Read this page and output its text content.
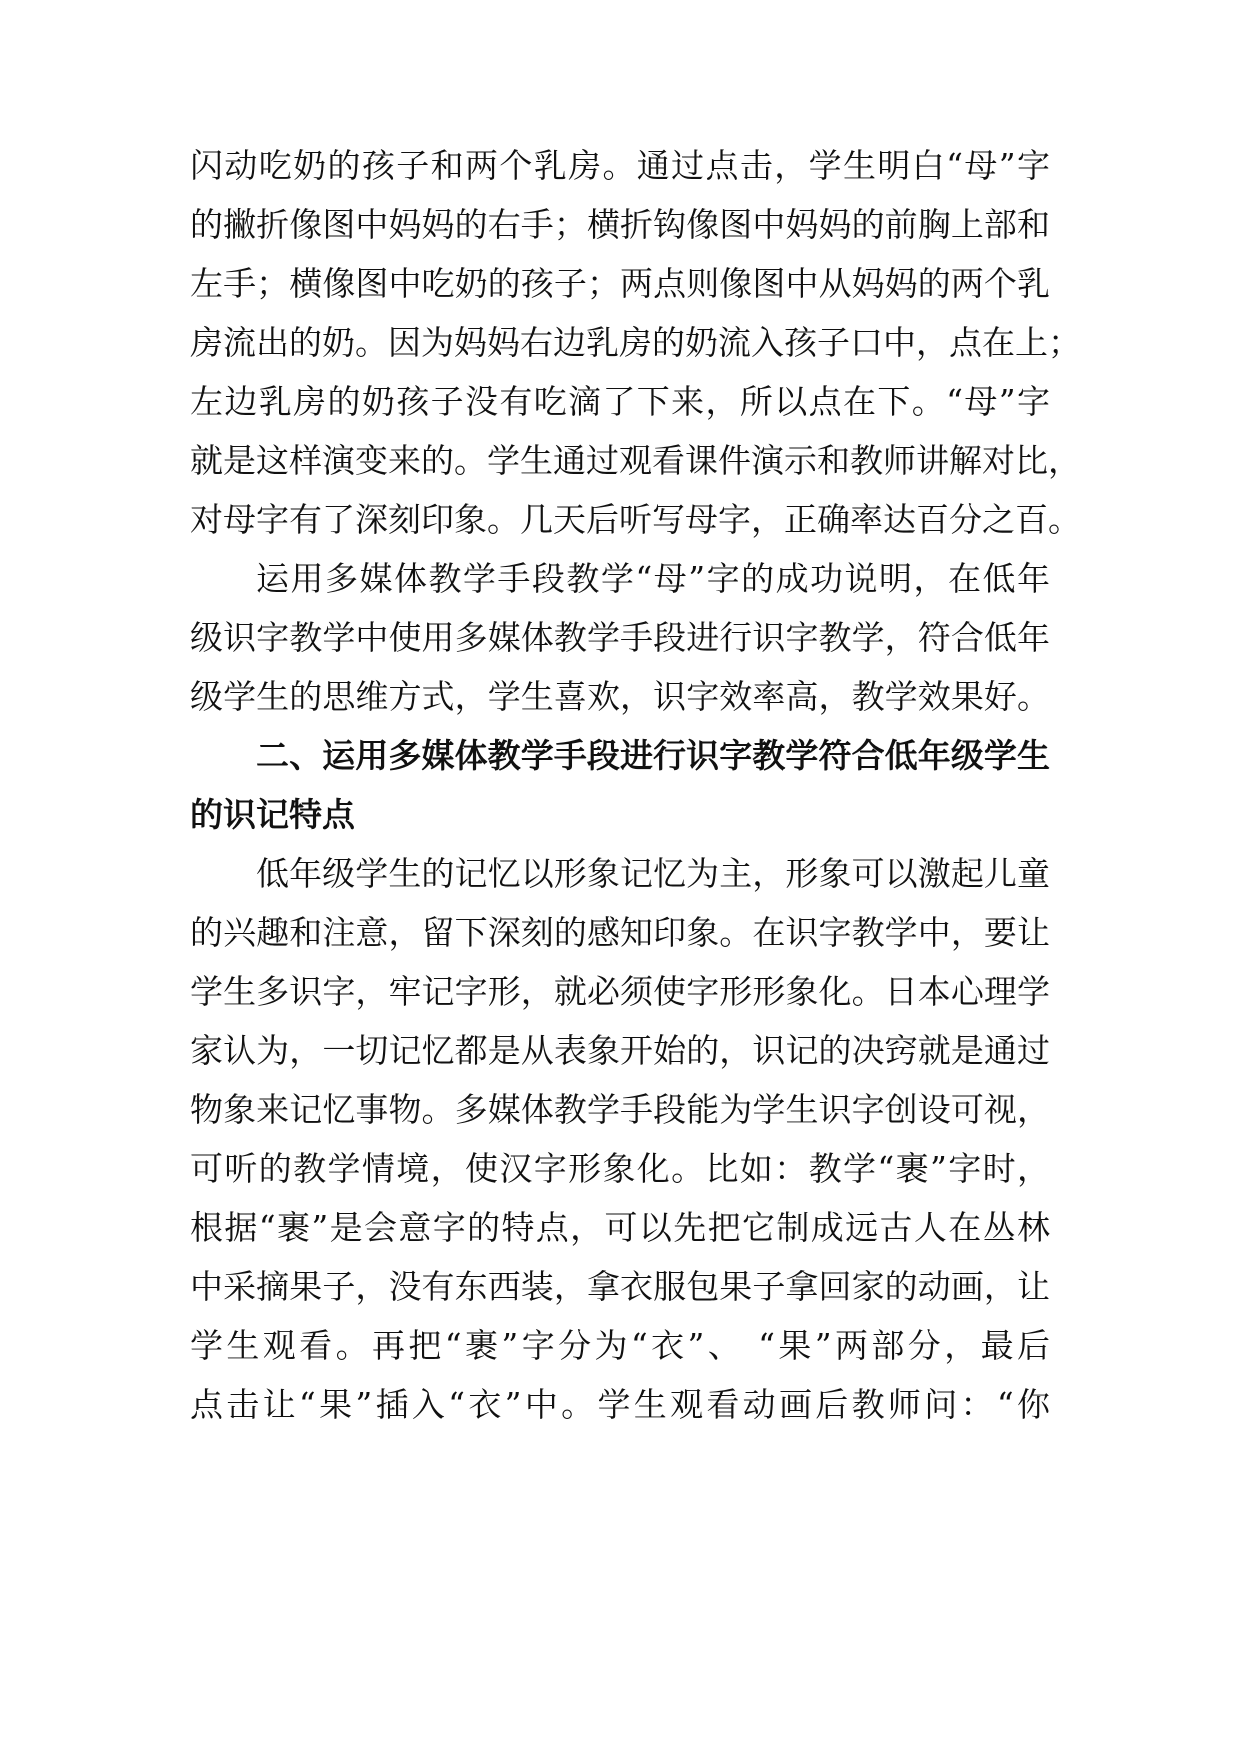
闪动吃奶的孩子和两个乳房。通过点击，学生明白“母”字
的撇折像图中妈妈的右手；横折钩像图中妈妈的前胸上部和
左手；横像图中吃奶的孩子；两点则像图中从妈妈的两个乳
房流出的奶。因为妈妈右边乳房的奶流入孩子口中，点在上；
左边乳房的奶孩子没有吃滴了下来，所以点在下。“母”字
就是这样演变来的。学生通过观看课件演示和教师讲解对比，
对母字有了深刻印象。几天后听写母字，正确率达百分之百。
运用多媒体教学手段教学“母”字的成功说明，在低年
级识字教学中使用多媒体教学手段进行识字教学，符合低年
级学生的思维方式，学生喜欢，识字效率高，教学效果好。
二、运用多媒体教学手段进行识字教学符合低年级学生
的识记特点
低年级学生的记忆以形象记忆为主，形象可以激起儿童
的兴趣和注意，留下深刻的感知印象。在识字教学中，要让
学生多识字，牢记字形，就必须使字形形象化。日本心理学
家认为，一切记忆都是从表象开始的，识记的决窍就是通过
物象来记忆事物。多媒体教学手段能为学生识字创设可视，
可听的教学情境，使汉字形象化。比如：教学“裹”字时，
根据“裹”是会意字的特点，可以先把它制成远古人在丛林
中采摘果子，没有东西装，拿衣服包果子拿回家的动画，让
学生观看。再把“裹”字分为“衣”、 “果”两部分，最后
点击让“果”插入“衣”中。学生观看动画后教师问：“你
